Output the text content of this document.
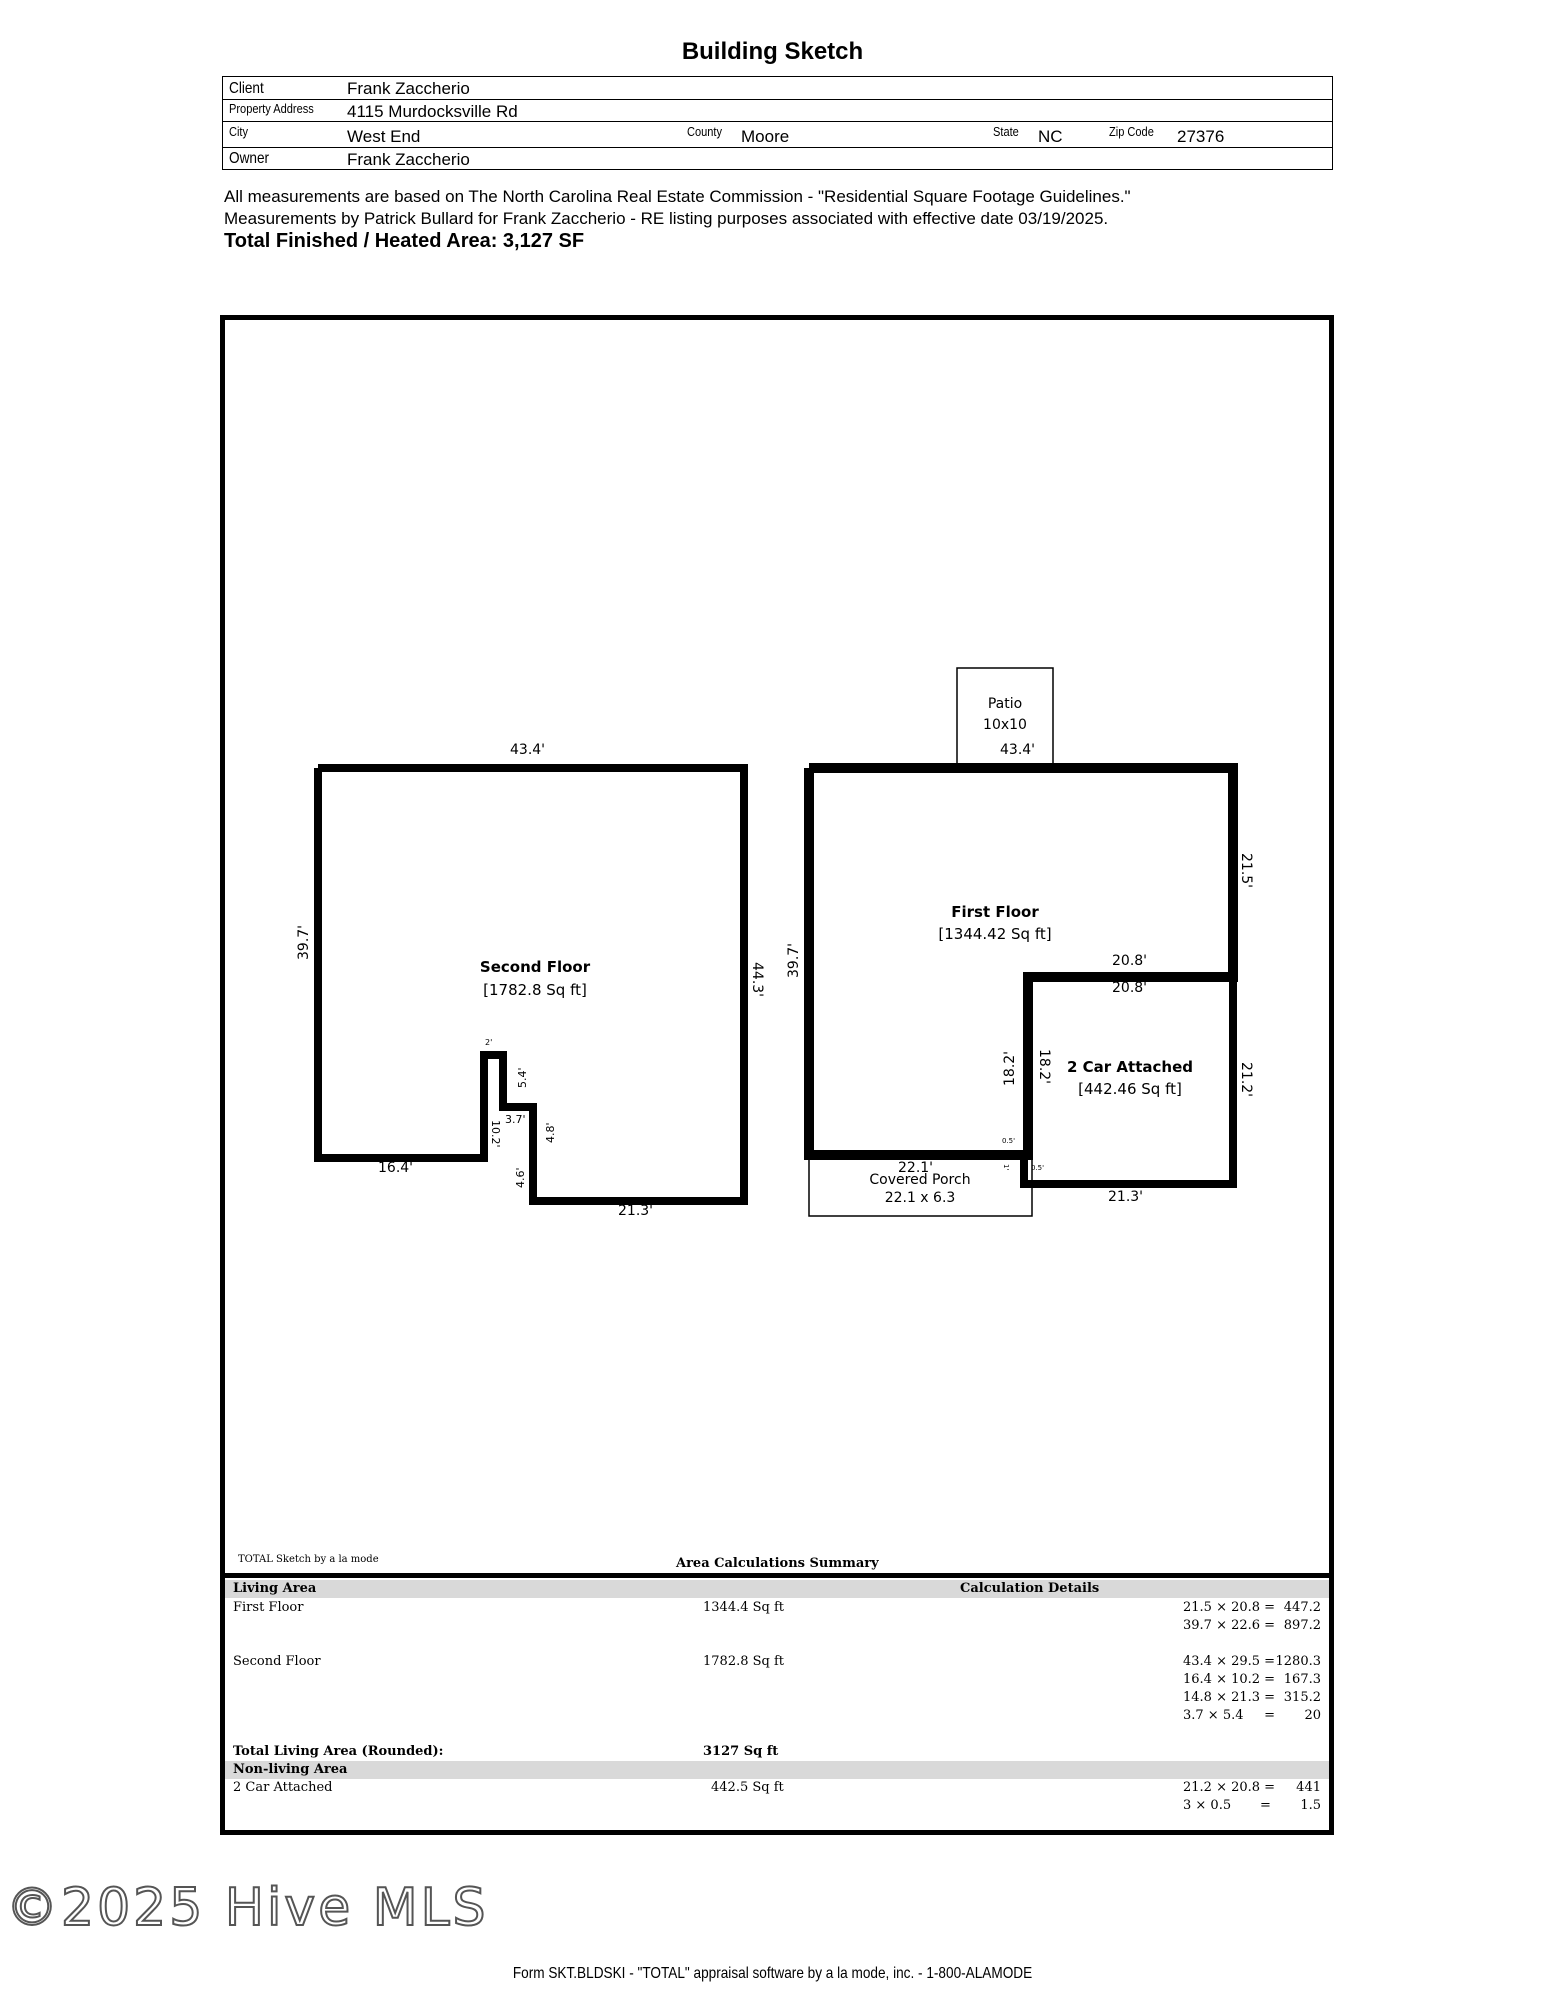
Building Sketch
Client	Frank Zaccherio
Property Address 4115 Murdocksville Rd
City	West End	County Moore	State NC	Zip Code 27376
Owner	Frank Zaccherio
All measurements are based on The North Carolina Real Estate Commission - "Residential Square Footage Guidelines."
Measurements by Patrick Bullard for Frank Zaccherio - RE listing purposes associated with effective date 03/19/2025.
Total Finished / Heated Area: 3,127 SF
Second Floor
[1782.8 Sq ft]
First Floor
[1344.42 Sq ft]
2 Car Attached
[442.46 Sq ft]
Patio
10x10
Covered Porch
22.1 x 6.3
43.4'
39.7'
44.3'
16.4'
21.3'
2'
5.4'
10.2'
3.7'
4.8'
4.6'
43.4'
39.7'
21.5'
20.8'
20.8'
18.2' 18.2'
22.1'
21.2'
21.3'
0.5'
0.5'
1'
TOTAL Sketch by a la mode	Area Calculations Summary
Living Area	Calculation Details
First Floor	1344.4 Sq ft	21.5 × 20.8 = 447.2
39.7 × 22.6 = 897.2
Second Floor	1782.8 Sq ft	43.4 × 29.5 = 1280.3
16.4 × 10.2 = 167.3
14.8 × 21.3 = 315.2
3.7 × 5.4     = 20
Total Living Area (Rounded):	3127 Sq ft
Non-living Area
2 Car Attached	442.5 Sq ft	21.2 × 20.8 = 441
3 × 0.5       = 1.5
©2025 Hive MLS
Form SKT.BLDSKI - "TOTAL" appraisal software by a la mode, inc. - 1-800-ALAMODE
